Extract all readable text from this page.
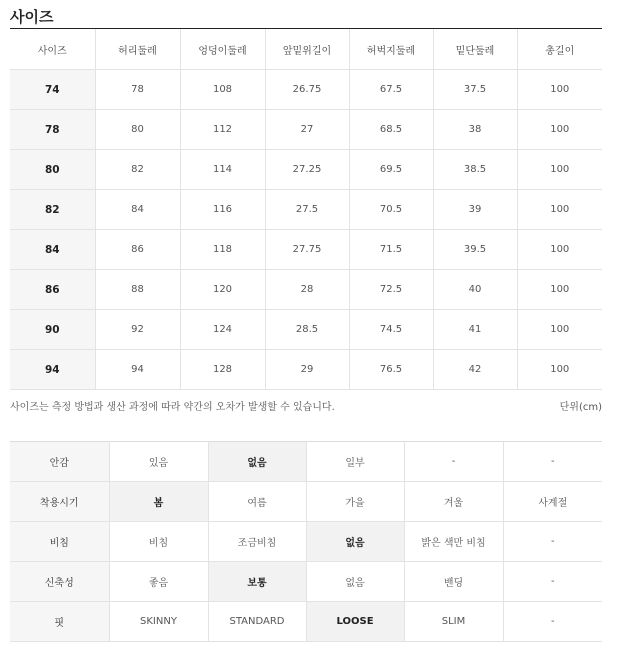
사이즈
사이즈	허리둘레	엉덩이둘레	앞밑위길이	허벅지둘레	밑단둘레	총길이
74	78	108	26.75	67.5	37.5	100
78	80	112	27	68.5	38	100
80	82	114	27.25	69.5	38.5	100
82	84	116	27.5	70.5	39	100
84	86	118	27.75	71.5	39.5	100
86	88	120	28	72.5	40	100
90	92	124	28.5	74.5	41	100
94	94	128	29	76.5	42	100
사이즈는 측정 방법과 생산 과정에 따라 약간의 오차가 발생할 수 있습니다.	단위(cm)
안감	있음	없음	일부	-	-
착용시기	봄	여름	가을	겨울	사계절
비침	비침	조금비침	없음	밝은 색만 비침	-
신축성	좋음	보통	없음	밴딩	-
핏	SKINNY	STANDARD	LOOSE	SLIM	-
